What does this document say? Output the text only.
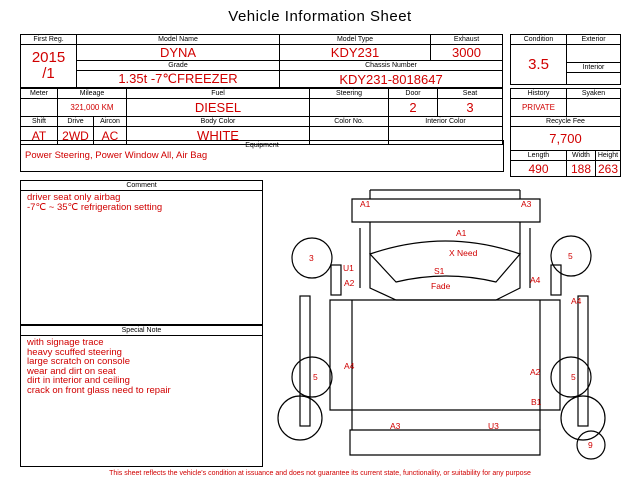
Vehicle Information Sheet
First Reg.	Model Name	Model Type	Exhaust

2015
/1	DYNA	KDY231	3000
	Grade	Chassis Number	
	1.35t -7℃FREEZER	KDY231-8018647	
Condition	Exterior
3.5	
	Interior

Meter	Mileage		Fuel	Steering	Door	Seat
	321,000 KM		DIESEL		2	3
Shift	Drive	Aircon	Body Color	Color No.	Interior Color	
AT	2WD	AC	WHITE			
History	Syaken	
PRIVATE		
Recycle Fee		
7,700		
Length	Width	Height
490	188	263
Equipment
Power Steering, Power Window All, Air Bag
Comment
driver seat only airbag
-7℃ ~ 35℃ refrigeration setting
Special Note
with signage trace
heavy scuffed steering
large scratch on console
wear and dirt on seat
dirt in interior and ceiling
crack on front glass need to repair
A1	A3
A1
X Need
U1	S1
Fade
A2	A4
A4
A4
A2
B1
A3	U3
3	5
5	5
9
This sheet reflects the vehicle's condition at issuance and does not guarantee its current state, functionality, or suitability for any purpose
